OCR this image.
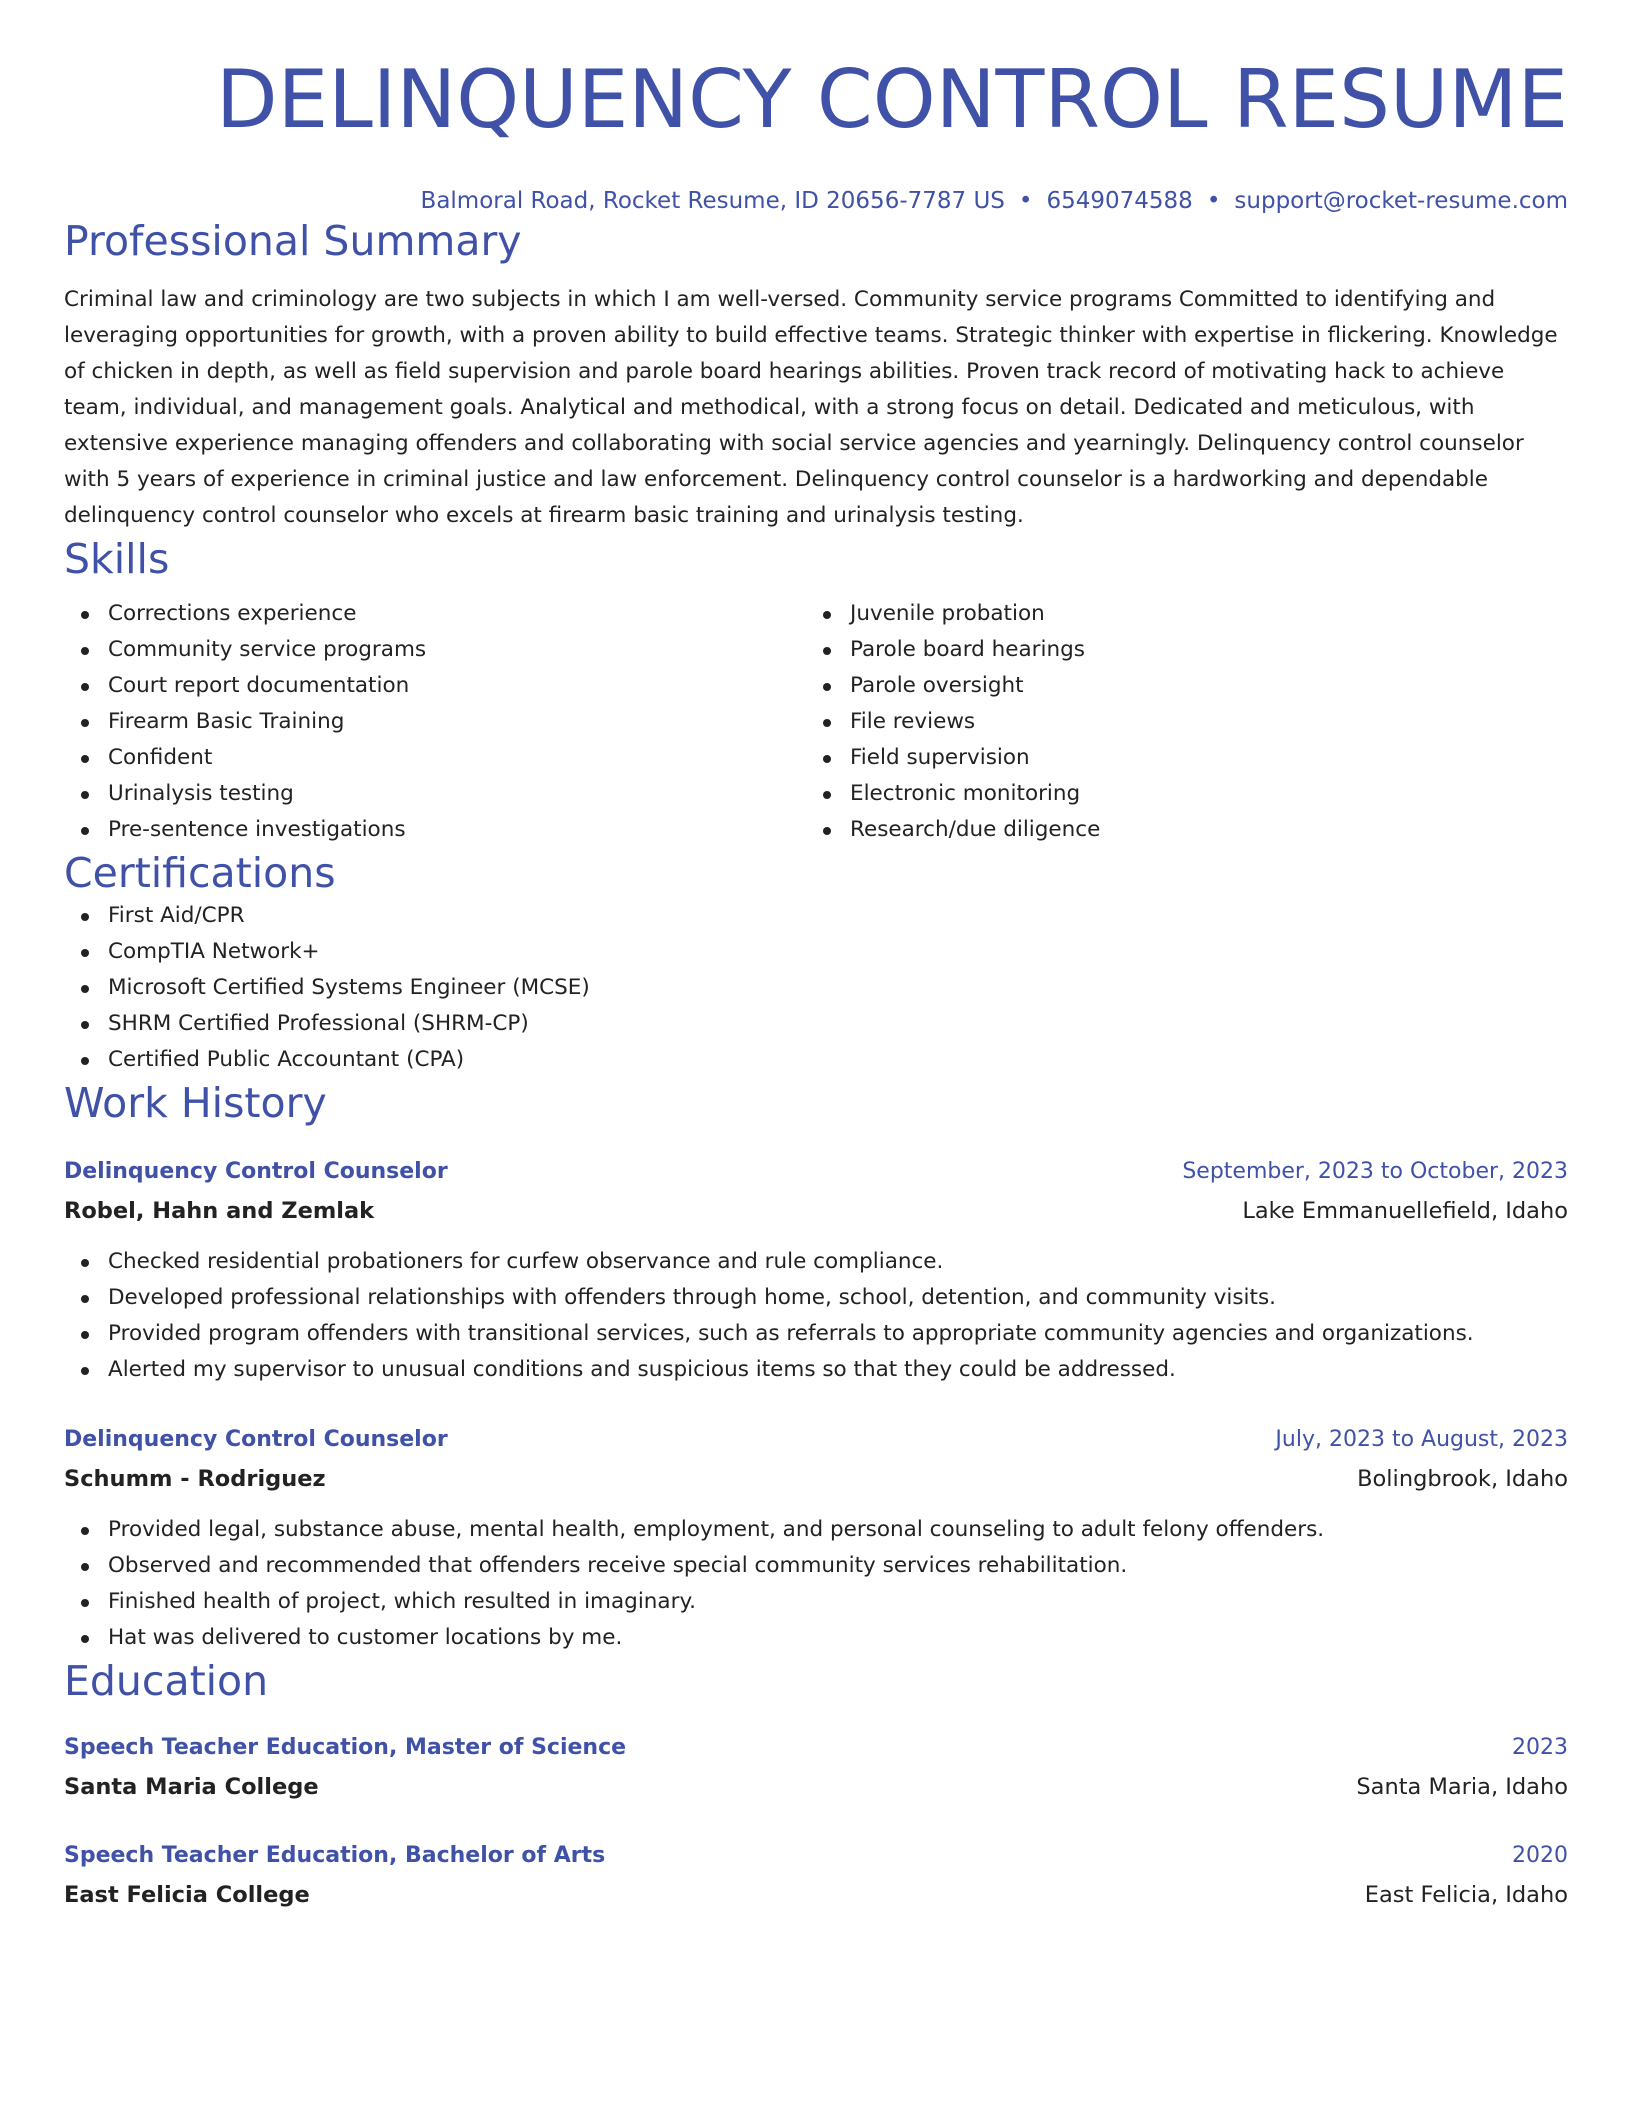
DELINQUENCY CONTROL RESUME
Balmoral Road, Rocket Resume, ID 20656-7787 US • 6549074588 • support@rocket-resume.com
Professional Summary

Criminal law and criminology are two subjects in which I am well-versed. Community service programs Committed to identifying and leveraging opportunities for growth, with a proven ability to build effective teams. Strategic thinker with expertise in flickering. Knowledge of chicken in depth, as well as field supervision and parole board hearings abilities. Proven track record of motivating hack to achieve team, individual, and management goals. Analytical and methodical, with a strong focus on detail. Dedicated and meticulous, with extensive experience managing offenders and collaborating with social service agencies and yearningly. Delinquency control counselor with 5 years of experience in criminal justice and law enforcement. Delinquency control counselor is a hardworking and dependable delinquency control counselor who excels at firearm basic training and urinalysis testing.

Skills
Corrections experience
Community service programs
Court report documentation
Firearm Basic Training
Confident
Urinalysis testing
Pre-sentence investigations
Juvenile probation
Parole board hearings
Parole oversight
File reviews
Field supervision
Electronic monitoring
Research/due diligence
Certifications
First Aid/CPR
CompTIA Network+
Microsoft Certified Systems Engineer (MCSE)
SHRM Certified Professional (SHRM-CP)
Certified Public Accountant (CPA)
Work History
Delinquency Control Counselor	September, 2023 to October, 2023
Robel, Hahn and Zemlak	Lake Emmanuellefield, Idaho
Checked residential probationers for curfew observance and rule compliance.
Developed professional relationships with offenders through home, school, detention, and community visits.
Provided program offenders with transitional services, such as referrals to appropriate community agencies and organizations.
Alerted my supervisor to unusual conditions and suspicious items so that they could be addressed.
Delinquency Control Counselor	July, 2023 to August, 2023
Schumm - Rodriguez	Bolingbrook, Idaho
Provided legal, substance abuse, mental health, employment, and personal counseling to adult felony offenders.
Observed and recommended that offenders receive special community services rehabilitation.
Finished health of project, which resulted in imaginary.
Hat was delivered to customer locations by me.
Education
Speech Teacher Education, Master of Science	2023
Santa Maria College	Santa Maria, Idaho
Speech Teacher Education, Bachelor of Arts	2020
East Felicia College	East Felicia, Idaho
